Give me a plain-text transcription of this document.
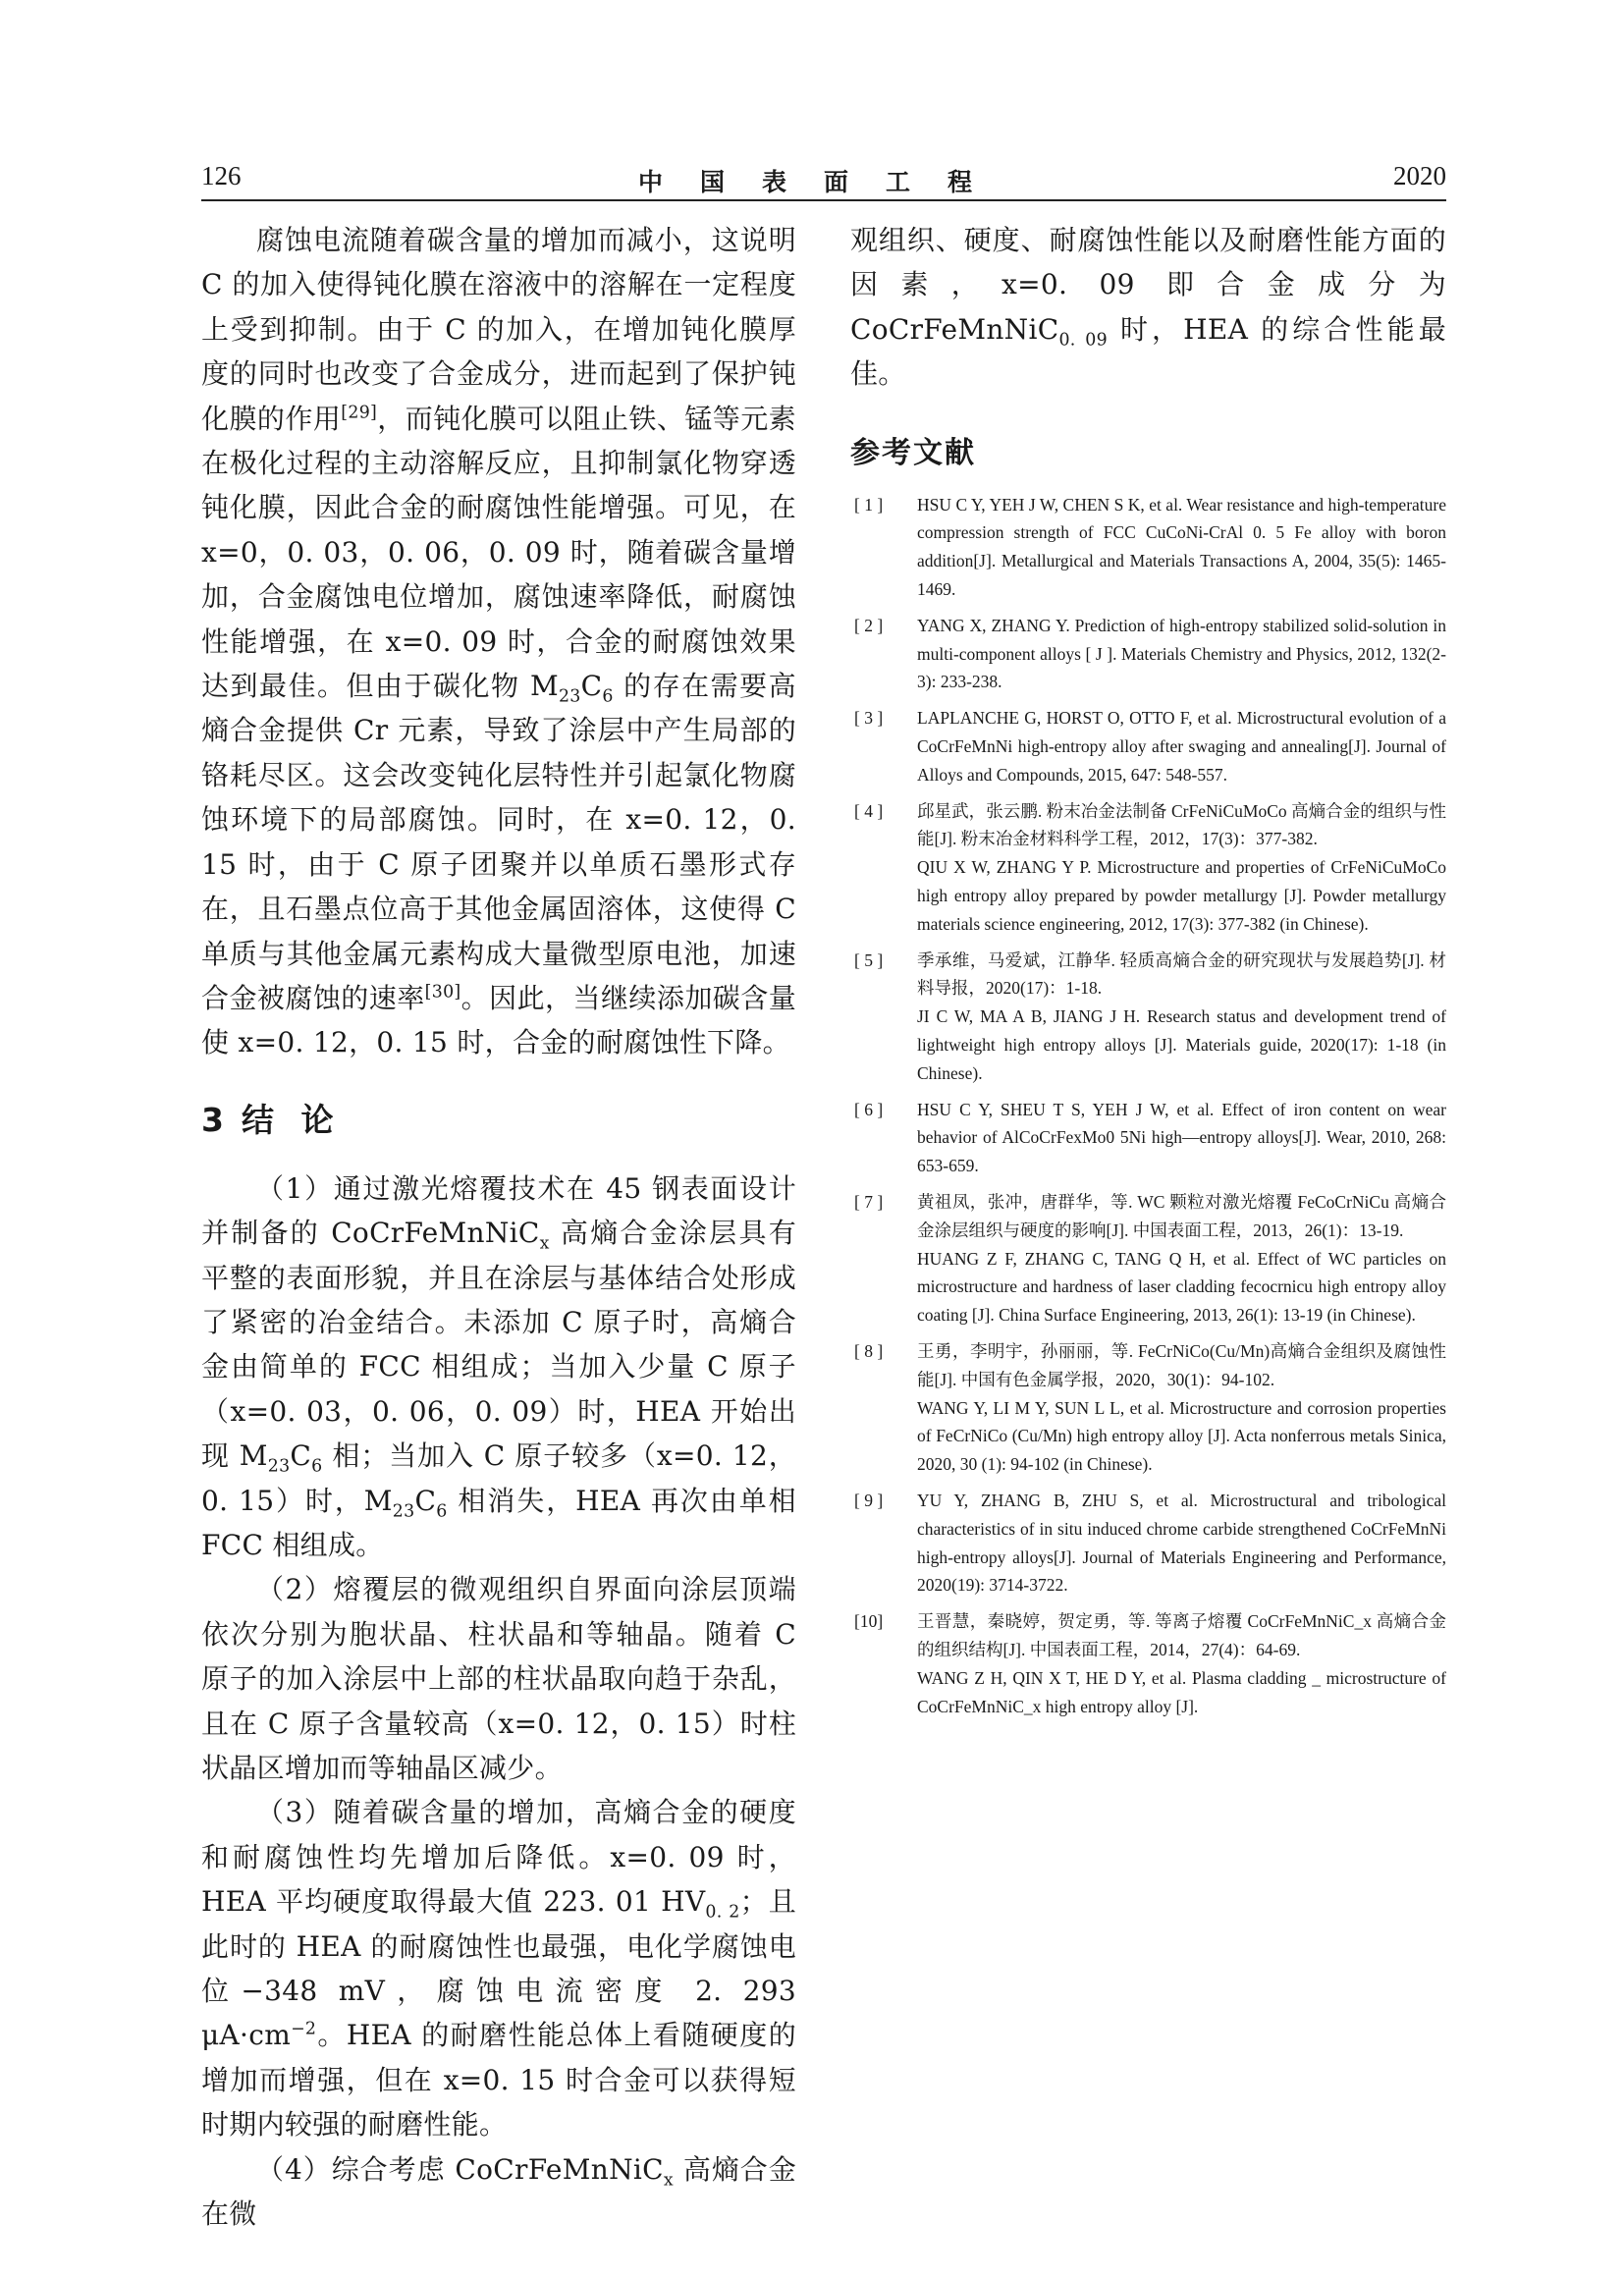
126	中国表面工程	2020

腐蚀电流随着碳含量的增加而减小，这说明 C 的加入使得钝化膜在溶液中的溶解在一定程度上受到抑制。由于 C 的加入，在增加钝化膜厚度的同时也改变了合金成分，进而起到了保护钝化膜的作用[29]，而钝化膜可以阻止铁、锰等元素在极化过程的主动溶解反应，且抑制氯化物穿透钝化膜，因此合金的耐腐蚀性能增强。可见，在 x=0，0. 03，0. 06，0. 09 时，随着碳含量增加，合金腐蚀电位增加，腐蚀速率降低，耐腐蚀性能增强，在 x=0. 09 时，合金的耐腐蚀效果达到最佳。但由于碳化物 $M_{23}C_6$ 的存在需要高熵合金提供 Cr 元素，导致了涂层中产生局部的铬耗尽区。这会改变钝化层特性并引起氯化物腐蚀环境下的局部腐蚀。同时，在 x=0. 12，0. 15 时，由于 C 原子团聚并以单质石墨形式存在，且石墨点位高于其他金属固溶体，这使得 C 单质与其他金属元素构成大量微型原电池，加速合金被腐蚀的速率[30]。因此，当继续添加碳含量使 x=0. 12，0. 15 时，合金的耐腐蚀性下降。

3 结 论

（1）通过激光熔覆技术在 45 钢表面设计并制备的 CoCrFeMnNiC$_x$ 高熵合金涂层具有平整的表面形貌，并且在涂层与基体结合处形成了紧密的冶金结合。未添加 C 原子时，高熵合金由简单的 FCC 相组成；当加入少量 C 原子（x=0. 03，0. 06，0. 09）时，HEA 开始出现 $M_{23}C_6$ 相；当加入 C 原子较多（x=0. 12，0. 15）时，$M_{23}C_6$ 相消失，HEA 再次由单相 FCC 相组成。

（2）熔覆层的微观组织自界面向涂层顶端依次分别为胞状晶、柱状晶和等轴晶。随着 C 原子的加入涂层中上部的柱状晶取向趋于杂乱，且在 C 原子含量较高（x=0. 12，0. 15）时柱状晶区增加而等轴晶区减少。

（3）随着碳含量的增加，高熵合金的硬度和耐腐蚀性均先增加后降低。x=0. 09 时，HEA 平均硬度取得最大值 223. 01 $HV_{0. 2}$；且此时的 HEA 的耐腐蚀性也最强，电化学腐蚀电位−348 mV，腐蚀电流密度 2. 293 $\mu A\cdot cm^{-2}$。HEA 的耐磨性能总体上看随硬度的增加而增强，但在 x=0. 15 时合金可以获得短时期内较强的耐磨性能。

（4）综合考虑 CoCrFeMnNiC$_x$ 高熵合金在微

观组织、硬度、耐腐蚀性能以及耐磨性能方面的因素，x=0. 09 即合金成分为 CoCrFeMnNiC$_{0. 09}$ 时，HEA 的综合性能最佳。

参考文献
[ 1 ] HSU C Y, YEH J W, CHEN S K, et al. Wear resistance and high-temperature compression strength of FCC CuCoNi-CrAl 0. 5 Fe alloy with boron addition[J]. Metallurgical and Materials Transactions A, 2004, 35(5): 1465-1469.
[ 2 ] YANG X, ZHANG Y. Prediction of high-entropy stabilized solid-solution in multi-component alloys [ J ]. Materials Chemistry and Physics, 2012, 132(2-3): 233-238.
[ 3 ] LAPLANCHE G, HORST O, OTTO F, et al. Microstructural evolution of a CoCrFeMnNi high-entropy alloy after swaging and annealing[J]. Journal of Alloys and Compounds, 2015, 647: 548-557.
[ 4 ] 邱星武，张云鹏. 粉末冶金法制备 CrFeNiCuMoCo 高熵合金的组织与性能[J]. 粉末冶金材料科学工程，2012，17(3)：377-382.
QIU X W, ZHANG Y P. Microstructure and properties of CrFeNiCuMoCo high entropy alloy prepared by powder metallurgy [J]. Powder metallurgy materials science engineering, 2012, 17(3): 377-382 (in Chinese).
[ 5 ] 季承维，马爱斌，江静华. 轻质高熵合金的研究现状与发展趋势[J]. 材料导报，2020(17)：1-18.
JI C W, MA A B, JIANG J H. Research status and development trend of lightweight high entropy alloys [J]. Materials guide, 2020(17): 1-18 (in Chinese).
[ 6 ] HSU C Y, SHEU T S, YEH J W, et al. Effect of iron content on wear behavior of AlCoCrFexMo0 5Ni high—entropy alloys[J]. Wear, 2010, 268: 653-659.
[ 7 ] 黄祖凤，张冲，唐群华，等. WC 颗粒对激光熔覆 FeCoCrNiCu 高熵合金涂层组织与硬度的影响[J]. 中国表面工程，2013，26(1)：13-19.
HUANG Z F, ZHANG C, TANG Q H, et al. Effect of WC particles on microstructure and hardness of laser cladding fecocrnicu high entropy alloy coating [J]. China Surface Engineering, 2013, 26(1): 13-19 (in Chinese).
[ 8 ] 王勇，李明宇，孙丽丽，等. FeCrNiCo(Cu/Mn)高熵合金组织及腐蚀性能[J]. 中国有色金属学报，2020，30(1)：94-102.
WANG Y, LI M Y, SUN L L, et al. Microstructure and corrosion properties of FeCrNiCo (Cu/Mn) high entropy alloy [J]. Acta nonferrous metals Sinica, 2020, 30 (1): 94-102 (in Chinese).
[ 9 ] YU Y, ZHANG B, ZHU S, et al. Microstructural and tribological characteristics of in situ induced chrome carbide strengthened CoCrFeMnNi high-entropy alloys[J]. Journal of Materials Engineering and Performance, 2020(19): 3714-3722.
[10] 王晋慧，秦晓婷，贺定勇，等. 等离子熔覆 CoCrFeMnNiC_x 高熵合金的组织结构[J]. 中国表面工程，2014，27(4)：64-69.
WANG Z H, QIN X T, HE D Y, et al. Plasma cladding _ microstructure of CoCrFeMnNiC_x high entropy alloy [J].
